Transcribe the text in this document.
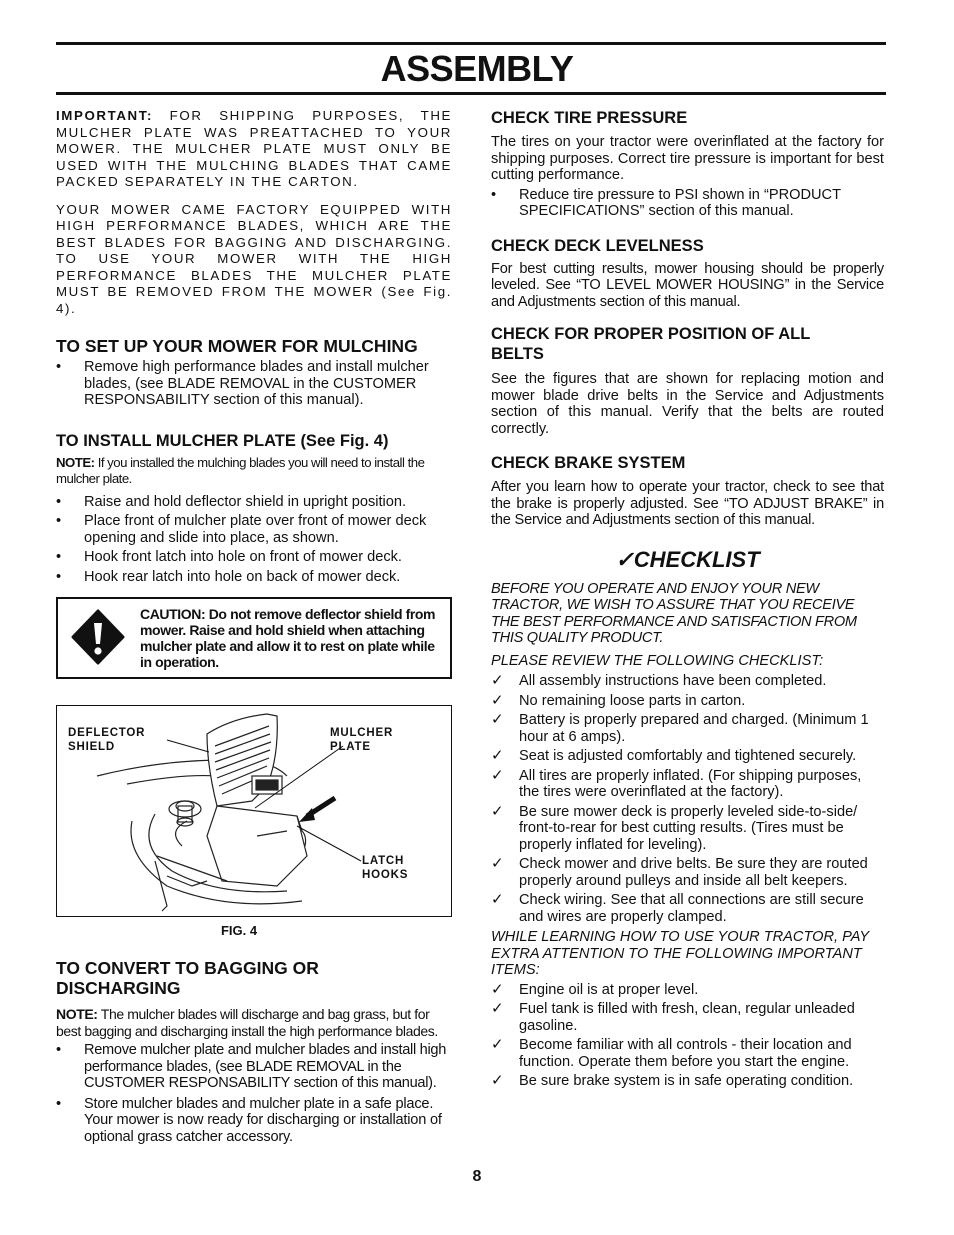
ASSEMBLY

IMPORTANT: FOR SHIPPING PURPOSES, THE MULCHER PLATE WAS PREATTACHED TO YOUR MOWER. THE MULCHER PLATE MUST ONLY BE USED WITH THE MULCHING BLADES THAT CAME PACKED SEPARATELY IN THE CARTON.

YOUR MOWER CAME FACTORY EQUIPPED WITH HIGH PERFORMANCE BLADES, WHICH ARE THE BEST BLADES FOR BAGGING AND DISCHARGING. TO USE YOUR MOWER WITH THE HIGH PERFORMANCE BLADES THE MULCHER PLATE MUST BE REMOVED FROM THE MOWER (See Fig. 4).

TO SET UP YOUR MOWER FOR MULCHING

• Remove high performance blades and install mulcher blades, (see BLADE REMOVAL in the CUSTOMER RESPONSABILITY section of this manual).

TO INSTALL MULCHER PLATE (See Fig. 4)

NOTE: If you installed the mulching blades you will need to install the mulcher plate.

• Raise and hold deflector shield in upright position.
• Place front of mulcher plate over front of mower deck opening and slide into place, as shown.
• Hook front latch into hole on front of mower deck.
• Hook rear latch into hole on back of mower deck.
CAUTION: Do not remove deflector shield from mower. Raise and hold shield when attaching mulcher plate and allow it to rest on plate while in operation.
DEFLECTOR
SHIELD
MULCHER
PLATE
LATCH
HOOKS
FIG. 4

TO CONVERT TO BAGGING OR
DISCHARGING

NOTE: The mulcher blades will discharge and bag grass, but for best bagging and discharging install the high performance blades.

• Remove mulcher plate and mulcher blades and install high performance blades, (see BLADE REMOVAL in the CUSTOMER RESPONSABILITY section of this manual).
• Store mulcher blades and mulcher plate in a safe place. Your mower is now ready for discharging or installation of optional grass catcher accessory.

CHECK TIRE PRESSURE

The tires on your tractor were overinflated at the factory for shipping purposes. Correct tire pressure is important for best cutting performance.

• Reduce tire pressure to PSI shown in “PRODUCT SPECIFICATIONS” section of this manual.

CHECK DECK LEVELNESS

For best cutting results, mower housing should be properly leveled. See “TO LEVEL MOWER HOUSING” in the Service and Adjustments section of this manual.

CHECK FOR PROPER POSITION OF ALL
BELTS

See the figures that are shown for replacing motion and mower blade drive belts in the Service and Adjustments section of this manual. Verify that the belts are routed correctly.

CHECK BRAKE SYSTEM

After you learn how to operate your tractor, check to see that the brake is properly adjusted. See “TO ADJUST BRAKE” in the Service and Adjustments section of this manual.

✓CHECKLIST

BEFORE YOU OPERATE AND ENJOY YOUR NEW TRACTOR, WE WISH TO ASSURE THAT YOU RECEIVE THE BEST PERFORMANCE AND SATISFACTION FROM THIS QUALITY PRODUCT.

PLEASE REVIEW THE FOLLOWING CHECKLIST:

✓ All assembly instructions have been completed.
✓ No remaining loose parts in carton.
✓ Battery is properly prepared and charged. (Minimum 1 hour at 6 amps).
✓ Seat is adjusted comfortably and tightened securely.
✓ All tires are properly inflated. (For shipping purposes, the tires were overinflated at the factory).
✓ Be sure mower deck is properly leveled side-to-side/ front-to-rear for best cutting results. (Tires must be properly inflated for leveling).
✓ Check mower and drive belts. Be sure they are routed properly around pulleys and inside all belt keepers.
✓ Check wiring. See that all connections are still secure and wires are properly clamped.

WHILE LEARNING HOW TO USE YOUR TRACTOR, PAY EXTRA ATTENTION TO THE FOLLOWING IMPORTANT ITEMS:

✓ Engine oil is at proper level.
✓ Fuel tank is filled with fresh, clean, regular unleaded gasoline.
✓ Become familiar with all controls - their location and function. Operate them before you start the engine.
✓ Be sure brake system is in safe operating condition.
8
